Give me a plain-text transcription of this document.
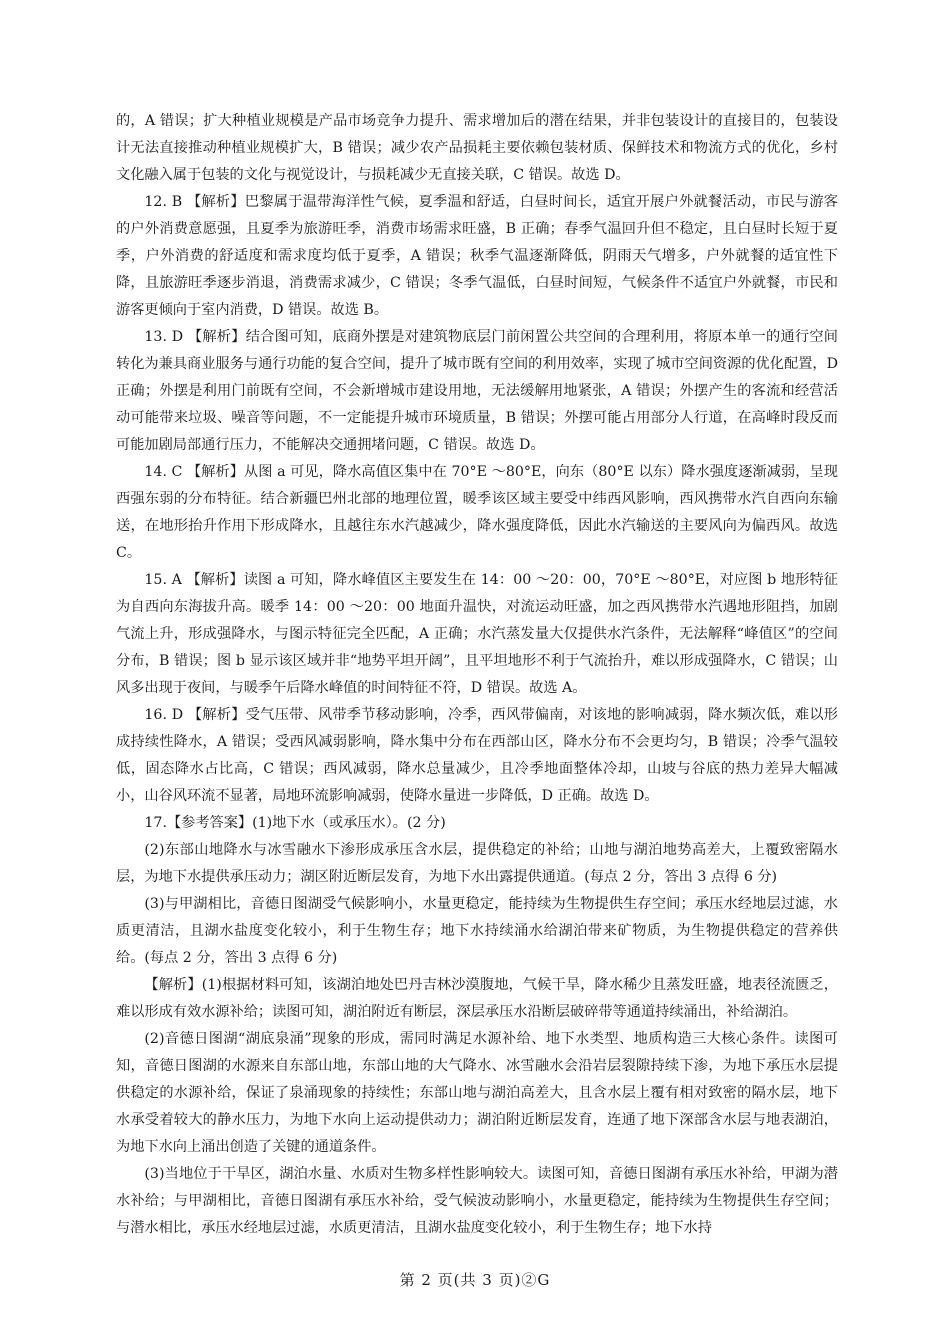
的，A 错误；扩大种植业规模是产品市场竞争力提升、需求增加后的潜在结果，并非包装设计的直接目的，包装设计无法直接推动种植业规模扩大，B 错误；减少农产品损耗主要依赖包装材质、保鲜技术和物流方式的优化，乡村文化融入属于包装的文化与视觉设计，与损耗减少无直接关联，C 错误。故选 D。

12. B 【解析】巴黎属于温带海洋性气候，夏季温和舒适，白昼时间长，适宜开展户外就餐活动，市民与游客的户外消费意愿强，且夏季为旅游旺季，消费市场需求旺盛，B 正确；春季气温回升但不稳定，且白昼时长短于夏季，户外消费的舒适度和需求度均低于夏季，A 错误；秋季气温逐渐降低，阴雨天气增多，户外就餐的适宜性下降，且旅游旺季逐步消退，消费需求减少，C 错误；冬季气温低，白昼时间短，气候条件不适宜户外就餐，市民和游客更倾向于室内消费，D 错误。故选 B。

13. D 【解析】结合图可知，底商外摆是对建筑物底层门前闲置公共空间的合理利用，将原本单一的通行空间转化为兼具商业服务与通行功能的复合空间，提升了城市既有空间的利用效率，实现了城市空间资源的优化配置，D 正确；外摆是利用门前既有空间，不会新增城市建设用地，无法缓解用地紧张，A 错误；外摆产生的客流和经营活动可能带来垃圾、噪音等问题，不一定能提升城市环境质量，B 错误；外摆可能占用部分人行道，在高峰时段反而可能加剧局部通行压力，不能解决交通拥堵问题，C 错误。故选 D。

14. C 【解析】从图 a 可见，降水高值区集中在 70°E ～80°E，向东（80°E 以东）降水强度逐渐减弱，呈现西强东弱的分布特征。结合新疆巴州北部的地理位置，暖季该区域主要受中纬西风影响，西风携带水汽自西向东输送，在地形抬升作用下形成降水，且越往东水汽越减少，降水强度降低，因此水汽输送的主要风向为偏西风。故选 C。

15. A 【解析】读图 a 可知，降水峰值区主要发生在 14：00 ～20：00，70°E ～80°E，对应图 b 地形特征为自西向东海拔升高。暖季 14：00 ～20：00 地面升温快，对流运动旺盛，加之西风携带水汽遇地形阻挡，加剧气流上升，形成强降水，与图示特征完全匹配，A 正确；水汽蒸发量大仅提供水汽条件，无法解释“峰值区”的空间分布，B 错误；图 b 显示该区域并非“地势平坦开阔”，且平坦地形不利于气流抬升，难以形成强降水，C 错误；山风多出现于夜间，与暖季午后降水峰值的时间特征不符，D 错误。故选 A。

16. D 【解析】受气压带、风带季节移动影响，冷季，西风带偏南，对该地的影响减弱，降水频次低，难以形成持续性降水，A 错误；受西风减弱影响，降水集中分布在西部山区，降水分布不会更均匀，B 错误；冷季气温较低，固态降水占比高，C 错误；西风减弱，降水总量减少，且冷季地面整体冷却，山坡与谷底的热力差异大幅减小，山谷风环流不显著，局地环流影响减弱，使降水量进一步降低，D 正确。故选 D。

17.【参考答案】(1)地下水（或承压水）。(2 分)

(2)东部山地降水与冰雪融水下渗形成承压含水层，提供稳定的补给；山地与湖泊地势高差大，上覆致密隔水层，为地下水提供承压动力；湖区附近断层发育，为地下水出露提供通道。(每点 2 分，答出 3 点得 6 分)

(3)与甲湖相比，音德日图湖受气候影响小，水量更稳定，能持续为生物提供生存空间；承压水经地层过滤，水质更清洁，且湖水盐度变化较小，利于生物生存；地下水持续涌水给湖泊带来矿物质，为生物提供稳定的营养供给。(每点 2 分，答出 3 点得 6 分)

【解析】(1)根据材料可知，该湖泊地处巴丹吉林沙漠腹地，气候干旱，降水稀少且蒸发旺盛，地表径流匮乏，难以形成有效水源补给；读图可知，湖泊附近有断层，深层承压水沿断层破碎带等通道持续涌出，补给湖泊。

(2)音德日图湖“湖底泉涌”现象的形成，需同时满足水源补给、地下水类型、地质构造三大核心条件。读图可知，音德日图湖的水源来自东部山地，东部山地的大气降水、冰雪融水会沿岩层裂隙持续下渗，为地下承压水层提供稳定的水源补给，保证了泉涌现象的持续性；东部山地与湖泊高差大，且含水层上覆有相对致密的隔水层，地下水承受着较大的静水压力，为地下水向上运动提供动力；湖泊附近断层发育，连通了地下深部含水层与地表湖泊，为地下水向上涌出创造了关键的通道条件。

(3)当地位于干旱区，湖泊水量、水质对生物多样性影响较大。读图可知，音德日图湖有承压水补给，甲湖为潜水补给；与甲湖相比，音德日图湖有承压水补给，受气候波动影响小，水量更稳定，能持续为生物提供生存空间；与潜水相比，承压水经地层过滤，水质更清洁，且湖水盐度变化较小，利于生物生存；地下水持

第 2 页(共 3 页)②G
